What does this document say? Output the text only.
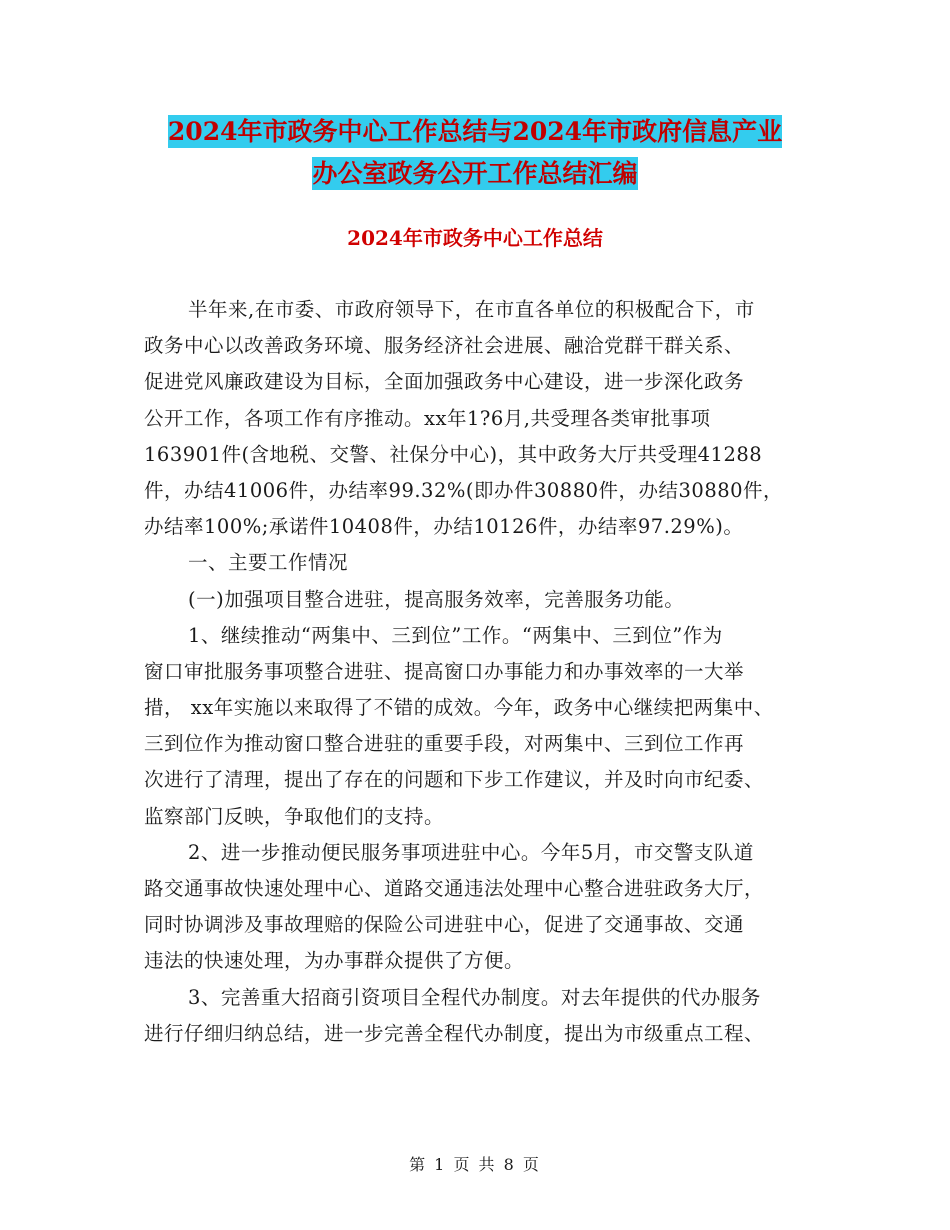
2024年市政务中心工作总结与2024年市政府信息产业
办公室政务公开工作总结汇编
2024年市政务中心工作总结
半年来,在市委、市政府领导下，在市直各单位的积极配合下，市
政务中心以改善政务环境、服务经济社会进展、融洽党群干群关系、
促进党风廉政建设为目标，全面加强政务中心建设，进一步深化政务
公开工作，各项工作有序推动。xx年1?6月,共受理各类审批事项
163901件(含地税、交警、社保分中心)，其中政务大厅共受理41288
件，办结41006件，办结率99.32%(即办件30880件，办结30880件，
办结率100%;承诺件10408件，办结10126件，办结率97.29%)。
一、主要工作情况
(一)加强项目整合进驻，提高服务效率，完善服务功能。
1、继续推动“两集中、三到位”工作。“两集中、三到位”作为
窗口审批服务事项整合进驻、提高窗口办事能力和办事效率的一大举
措， xx年实施以来取得了不错的成效。今年，政务中心继续把两集中、
三到位作为推动窗口整合进驻的重要手段，对两集中、三到位工作再
次进行了清理，提出了存在的问题和下步工作建议，并及时向市纪委、
监察部门反映，争取他们的支持。
2、进一步推动便民服务事项进驻中心。今年5月，市交警支队道
路交通事故快速处理中心、道路交通违法处理中心整合进驻政务大厅，
同时协调涉及事故理赔的保险公司进驻中心，促进了交通事故、交通
违法的快速处理，为办事群众提供了方便。
3、完善重大招商引资项目全程代办制度。对去年提供的代办服务
进行仔细归纳总结，进一步完善全程代办制度，提出为市级重点工程、
第 1 页 共 8 页
